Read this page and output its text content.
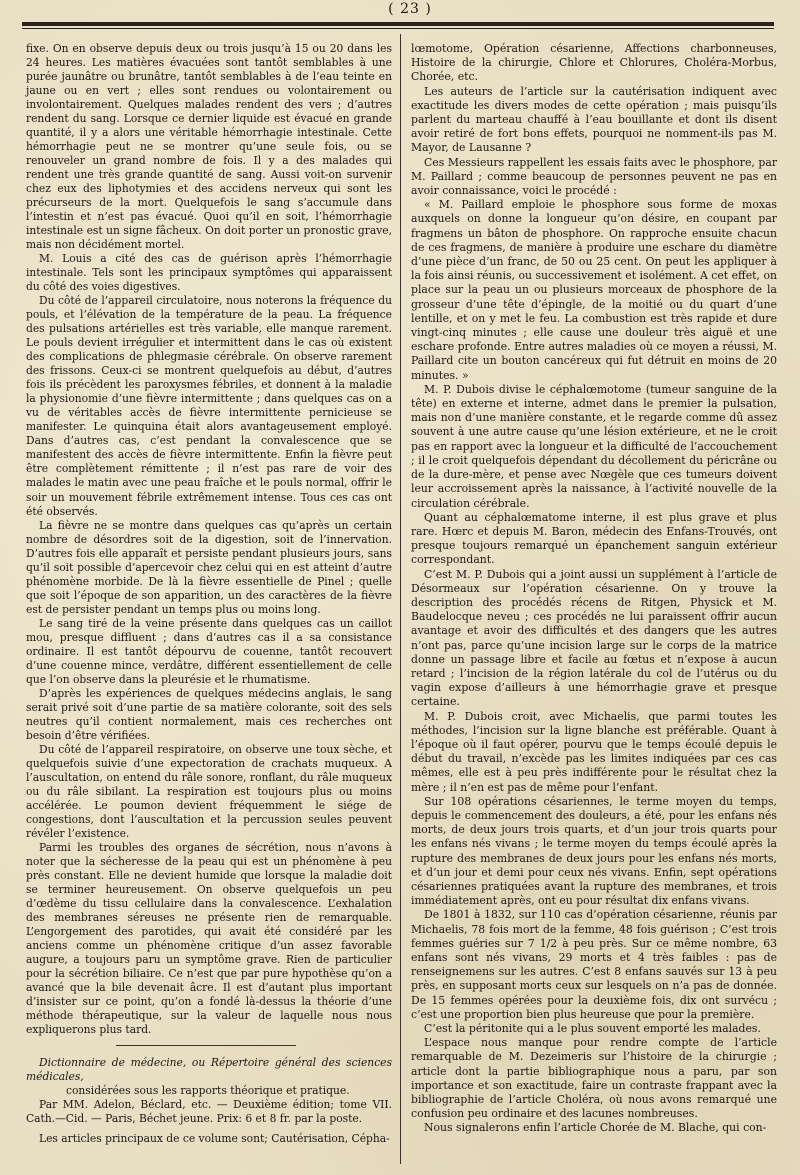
( 23 )

fixe. On en observe depuis deux ou trois jusqu’à 15 ou 20 dans les 24 heures. Les matières évacuées sont tantôt semblables à une purée jaunâtre ou brunâtre, tantôt semblables à de l’eau teinte en jaune ou en vert ; elles sont rendues ou volontairement ou involontairement. Quelques malades rendent des vers ; d’autres rendent du sang. Lorsque ce dernier liquide est évacué en grande quantité, il y a alors une véritable hémorrhagie intestinale. Cette hémorrhagie peut ne se montrer qu’une seule fois, ou se renouveler un grand nombre de fois. Il y a des malades qui rendent une très grande quantité de sang. Aussi voit-on survenir chez eux des liphotymies et des accidens nerveux qui sont les précurseurs de la mort. Quelquefois le sang s’accumule dans l’intestin et n’est pas évacué. Quoi qu’il en soit, l’hémorrhagie intestinale est un signe fâcheux. On doit porter un pronostic grave, mais non décidément mortel.

M. Louis a cité des cas de guérison après l’hémorrhagie intestinale. Tels sont les principaux symptômes qui apparaissent du côté des voies digestives.

Du côté de l’appareil circulatoire, nous noterons la fréquence du pouls, et l’élévation de la température de la peau. La fréquence des pulsations artérielles est très variable, elle manque rarement. Le pouls devient irrégulier et intermittent dans le cas où existent des complications de phlegmasie cérébrale. On observe rarement des frissons. Ceux-ci se montrent quelquefois au début, d’autres fois ils précèdent les paroxysmes fébriles, et donnent à la maladie la physionomie d’une fièvre intermittente ; dans quelques cas on a vu de véritables accès de fièvre intermittente pernicieuse se manifester. Le quinquina était alors avantageusement employé. Dans d’autres cas, c’est pendant la convalescence que se manifestent des accès de fièvre intermittente. Enfin la fièvre peut être complètement rémittente ; il n’est pas rare de voir des malades le matin avec une peau fraîche et le pouls normal, offrir le soir un mouvement fébrile extrêmement intense. Tous ces cas ont été observés.

La fièvre ne se montre dans quelques cas qu’après un certain nombre de désordres soit de la digestion, soit de l’innervation. D’autres fois elle apparaît et persiste pendant plusieurs jours, sans qu’il soit possible d’apercevoir chez celui qui en est atteint d’autre phénomène morbide. De là la fièvre essentielle de Pinel ; quelle que soit l’époque de son apparition, un des caractères de la fièvre est de persister pendant un temps plus ou moins long.

Le sang tiré de la veine présente dans quelques cas un caillot mou, presque diffluent ; dans d’autres cas il a sa consistance ordinaire. Il est tantôt dépourvu de couenne, tantôt recouvert d’une couenne mince, verdâtre, différent essentiellement de celle que l’on observe dans la pleurésie et le rhumatisme.

D’après les expériences de quelques médecins anglais, le sang serait privé soit d’une partie de sa matière colorante, soit des sels neutres qu’il contient normalement, mais ces recherches ont besoin d’être vérifiées.

Du côté de l’appareil respiratoire, on observe une toux sèche, et quelquefois suivie d’une expectoration de crachats muqueux. A l’auscultation, on entend du râle sonore, ronflant, du râle muqueux ou du râle sibilant. La respiration est toujours plus ou moins accélérée. Le poumon devient fréquemment le siége de congestions, dont l’auscultation et la percussion seules peuvent révéler l’existence.

Parmi les troubles des organes de sécrétion, nous n’avons à noter que la sécheresse de la peau qui est un phénomène à peu près constant. Elle ne devient humide que lorsque la maladie doit se terminer heureusement. On observe quelquefois un peu d’œdème du tissu cellulaire dans la convalescence. L’exhalation des membranes séreuses ne présente rien de remarquable. L’engorgement des parotides, qui avait été considéré par les anciens comme un phénomène critique d’un assez favorable augure, a toujours paru un symptôme grave. Rien de particulier pour la sécrétion biliaire. Ce n’est que par pure hypothèse qu’on a avancé que la bile devenait âcre. Il est d’autant plus important d’insister sur ce point, qu’on a fondé là-dessus la théorie d’une méthode thérapeutique, sur la valeur de laquelle nous nous expliquerons plus tard.

Dictionnaire de médecine, ou Répertoire général des sciences médicales,

considérées sous les rapports théorique et pratique.

Par MM. Adelon, Béclard, etc. — Deuxième édition; tome VII. Cath.—Cid. — Paris, Béchet jeune. Prix: 6 et 8 fr. par la poste.

Les articles principaux de ce volume sont; Cautérisation, Cépha-

lœmotome, Opération césarienne, Affections charbonneuses, Histoire de la chirurgie, Chlore et Chlorures, Choléra-Morbus, Chorée, etc.

Les auteurs de l’article sur la cautérisation indiquent avec exactitude les divers modes de cette opération ; mais puisqu’ils parlent du marteau chauffé à l’eau bouillante et dont ils disent avoir retiré de fort bons effets, pourquoi ne nomment-ils pas M. Mayor, de Lausanne ?

Ces Messieurs rappellent les essais faits avec le phosphore, par M. Paillard ; comme beaucoup de personnes peuvent ne pas en avoir connaissance, voici le procédé :

« M. Paillard emploie le phosphore sous forme de moxas auxquels on donne la longueur qu’on désire, en coupant par fragmens un bâton de phosphore. On rapproche ensuite chacun de ces fragmens, de manière à produire une eschare du diamètre d’une pièce d’un franc, de 50 ou 25 cent. On peut les appliquer à la fois ainsi réunis, ou successivement et isolément. A cet effet, on place sur la peau un ou plusieurs morceaux de phosphore de la grosseur d’une tête d’épingle, de la moitié ou du quart d’une lentille, et on y met le feu. La combustion est très rapide et dure vingt-cinq minutes ; elle cause une douleur très aiguë et une eschare profonde. Entre autres maladies où ce moyen a réussi, M. Paillard cite un bouton cancéreux qui fut détruit en moins de 20 minutes. »

M. P. Dubois divise le céphalœmotome (tumeur sanguine de la tête) en externe et interne, admet dans le premier la pulsation, mais non d’une manière constante, et le regarde comme dû assez souvent à une autre cause qu’une lésion extérieure, et ne le croit pas en rapport avec la longueur et la difficulté de l’accouchement ; il le croit quelquefois dépendant du décollement du péricrâne ou de la dure-mère, et pense avec Nœgèle que ces tumeurs doivent leur accroissement après la naissance, à l’activité nouvelle de la circulation cérébrale.

Quant au céphalœmatome interne, il est plus grave et plus rare. Hœrc et depuis M. Baron, médecin des Enfans-Trouvés, ont presque toujours remarqué un épanchement sanguin extérieur correspondant.

C’est M. P. Dubois qui a joint aussi un supplément à l’article de Désormeaux sur l’opération césarienne. On y trouve la description des procédés récens de Ritgen, Physick et M. Baudelocque neveu ; ces procédés ne lui paraissent offrir aucun avantage et avoir des difficultés et des dangers que les autres n’ont pas, parce qu’une incision large sur le corps de la matrice donne un passage libre et facile au fœtus et n’expose à aucun retard ; l’incision de la région latérale du col de l’utérus ou du vagin expose d’ailleurs à une hémorrhagie grave et presque certaine.

M. P. Dubois croit, avec Michaelis, que parmi toutes les méthodes, l’incision sur la ligne blanche est préférable. Quant à l’époque où il faut opérer, pourvu que le temps écoulé depuis le début du travail, n’excède pas les limites indiquées par ces cas mêmes, elle est à peu près indifférente pour le résultat chez la mère ; il n’en est pas de même pour l’enfant.

Sur 108 opérations césariennes, le terme moyen du temps, depuis le commencement des douleurs, a été, pour les enfans nés morts, de deux jours trois quarts, et d’un jour trois quarts pour les enfans nés vivans ; le terme moyen du temps écoulé après la rupture des membranes de deux jours pour les enfans nés morts, et d’un jour et demi pour ceux nés vivans. Enfin, sept opérations césariennes pratiquées avant la rupture des membranes, et trois immédiatement après, ont eu pour résultat dix enfans vivans.

De 1801 à 1832, sur 110 cas d’opération césarienne, réunis par Michaelis, 78 fois mort de la femme, 48 fois guérison ; C’est trois femmes guéries sur 7 1/2 à peu près. Sur ce même nombre, 63 enfans sont nés vivans, 29 morts et 4 très faibles : pas de renseignemens sur les autres. C’est 8 enfans sauvés sur 13 à peu près, en supposant morts ceux sur lesquels on n’a pas de donnée. De 15 femmes opérées pour la deuxième fois, dix ont survécu ; c’est une proportion bien plus heureuse que pour la première.

C’est la péritonite qui a le plus souvent emporté les malades.

L’espace nous manque pour rendre compte de l’article remarquable de M. Dezeimeris sur l’histoire de la chirurgie ; article dont la partie bibliographique nous a paru, par son importance et son exactitude, faire un contraste frappant avec la bibliographie de l’article Choléra, où nous avons remarqué une confusion peu ordinaire et des lacunes nombreuses.

Nous signalerons enfin l’article Chorée de M. Blache, qui con-
